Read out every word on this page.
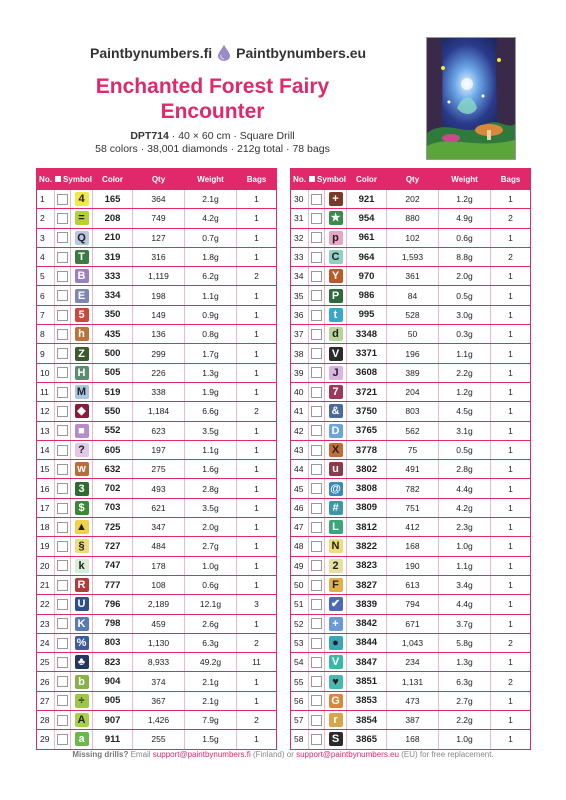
Paintbynumbers.fi Paintbynumbers.eu
Enchanted Forest Fairy
Encounter
DPT714 · 40 × 60 cm · Square Drill
58 colors · 38,001 diamonds · 212g total · 78 bags
No.	Symbol		Color	Qty	Weight	Bags
1		4	165	364	2.1g	1
2		=	208	749	4.2g	1
3		Q	210	127	0.7g	1
4		T	319	316	1.8g	1
5		B	333	1,119	6.2g	2
6		E	334	198	1.1g	1
7		5	350	149	0.9g	1
8		h	435	136	0.8g	1
9		Z	500	299	1.7g	1
10		H	505	226	1.3g	1
11		M	519	338	1.9g	1
12		◆	550	1,184	6.6g	2
13		■	552	623	3.5g	1
14		?	605	197	1.1g	1
15		w	632	275	1.6g	1
16		3	702	493	2.8g	1
17		$	703	621	3.5g	1
18		▲	725	347	2.0g	1
19		§	727	484	2.7g	1
20		k	747	178	1.0g	1
21		R	777	108	0.6g	1
22		U	796	2,189	12.1g	3
23		K	798	459	2.6g	1
24		%	803	1,130	6.3g	2
25		♣	823	8,933	49.2g	11
26		b	904	374	2.1g	1
27		÷	905	367	2.1g	1
28		A	907	1,426	7.9g	2
29		a	911	255	1.5g	1
No.	Symbol		Color	Qty	Weight	Bags
30		+	921	202	1.2g	1
31		★	954	880	4.9g	2
32		p	961	102	0.6g	1
33		C	964	1,593	8.8g	2
34		Y	970	361	2.0g	1
35		P	986	84	0.5g	1
36		t	995	528	3.0g	1
37		d	3348	50	0.3g	1
38		V	3371	196	1.1g	1
39		J	3608	389	2.2g	1
40		7	3721	204	1.2g	1
41		&	3750	803	4.5g	1
42		D	3765	562	3.1g	1
43		X	3778	75	0.5g	1
44		u	3802	491	2.8g	1
45		@	3808	782	4.4g	1
46		#	3809	751	4.2g	1
47		L	3812	412	2.3g	1
48		N	3822	168	1.0g	1
49		2	3823	190	1.1g	1
50		F	3827	613	3.4g	1
51		✔	3839	794	4.4g	1
52		+	3842	671	3.7g	1
53		●	3844	1,043	5.8g	2
54		V	3847	234	1.3g	1
55		♥	3851	1,131	6.3g	2
56		G	3853	473	2.7g	1
57		r	3854	387	2.2g	1
58		S	3865	168	1.0g	1
Missing drills? Email support@paintbynumbers.fi (Finland) or support@paintbynumbers.eu (EU) for free replacement.
